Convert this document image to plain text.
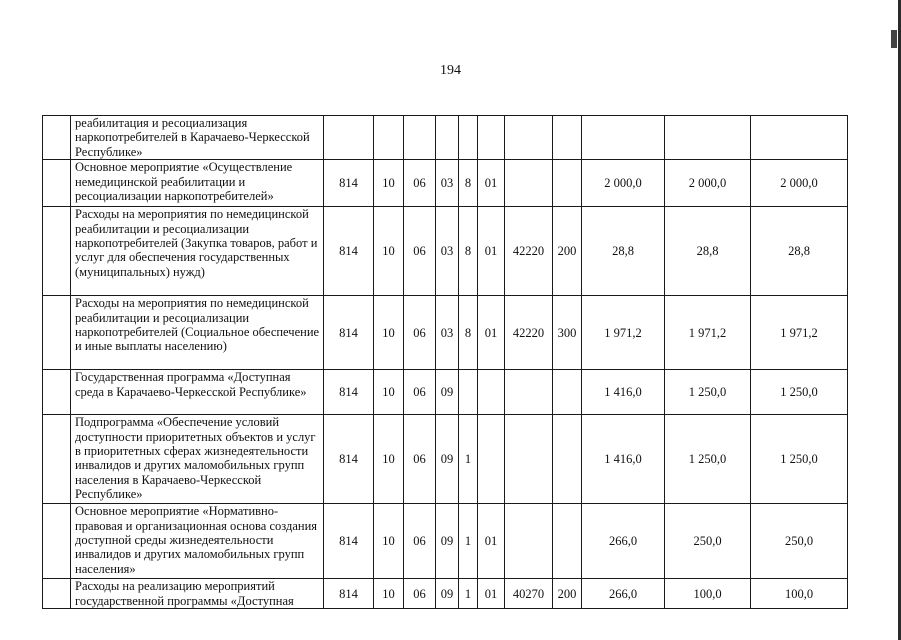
194
	реабилитация и ресоциализация наркопотребителей в Карачаево-Черкесской Республике»											
	Основное мероприятие «Осуществление немедицинской реабилитации и ресоциализации наркопотребителей»	814	10	06	03	8	01			2 000,0	2 000,0	2 000,0
	Расходы на мероприятия по немедицинской реабилитации и ресоциализации наркопотребителей (Закупка товаров, работ и услуг для обеспечения государственных (муниципальных) нужд)	814	10	06	03	8	01	42220	200	28,8	28,8	28,8
	Расходы на мероприятия по немедицинской реабилитации и ресоциализации наркопотребителей (Социальное обеспечение и иные выплаты населению)	814	10	06	03	8	01	42220	300	1 971,2	1 971,2	1 971,2
	Государственная программа «Доступная среда в Карачаево-Черкесской Республике»	814	10	06	09					1 416,0	1 250,0	1 250,0
	Подпрограмма «Обеспечение условий доступности приоритетных объектов и услуг в приоритетных сферах жизнедеятельности инвалидов и других маломобильных групп населения в Карачаево-Черкесской Республике»	814	10	06	09	1				1 416,0	1 250,0	1 250,0
	Основное мероприятие «Нормативно-правовая и организационная основа создания доступной среды жизнедеятельности инвалидов и других маломобильных групп населения»	814	10	06	09	1	01			266,0	250,0	250,0
	Расходы на реализацию мероприятий государственной программы «Доступная	814	10	06	09	1	01	40270	200	266,0	100,0	100,0
